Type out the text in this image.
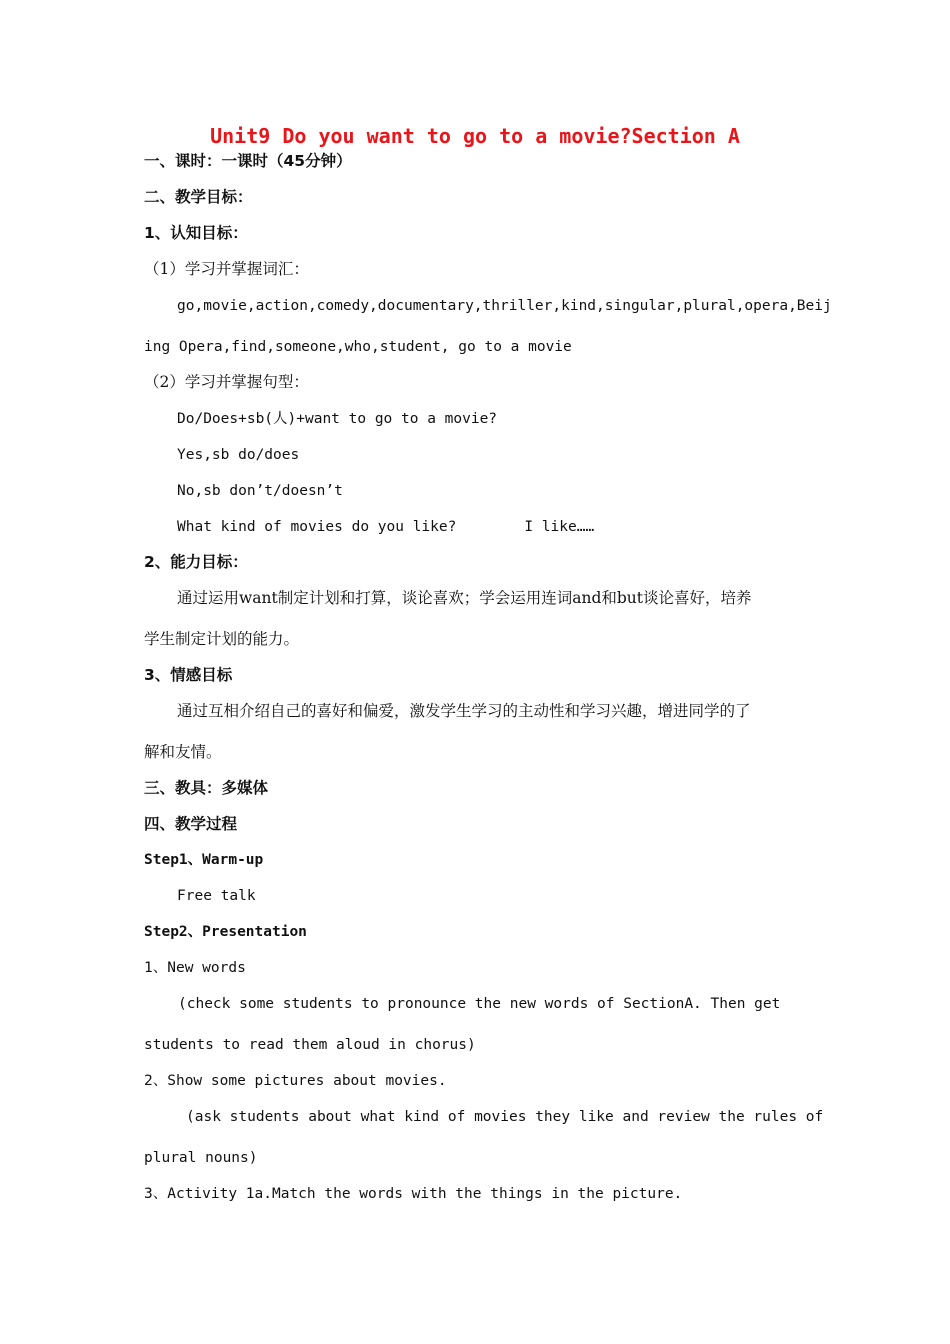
Unit9 Do you want to go to a movie?Section A
一、课时：一课时（45分钟）
二、教学目标：
1、认知目标：
（1）学习并掌握词汇：
go,movie,action,comedy,documentary,thriller,kind,singular,plural,opera,Beij
ing Opera,find,someone,who,student, go to a movie
（2）学习并掌握句型：
Do/Does+sb(人)+want to go to a movie?
Yes,sb do/does
No,sb don’t/doesn’t
What kind of movies do you like?	I like……
2、能力目标：
通过运用want制定计划和打算，谈论喜欢；学会运用连词and和but谈论喜好，培养
学生制定计划的能力。
3、情感目标
通过互相介绍自己的喜好和偏爱，激发学生学习的主动性和学习兴趣，增进同学的了
解和友情。
三、教具：多媒体
四、教学过程
Step1、Warm-up
Free talk
Step2、Presentation
1、New words
(check some students to pronounce the new words of SectionA. Then get
students to read them aloud in chorus)
2、Show some pictures about movies.
(ask students about what kind of movies they like and review the rules of
plural nouns)
3、Activity 1a.Match the words with the things in the picture.
